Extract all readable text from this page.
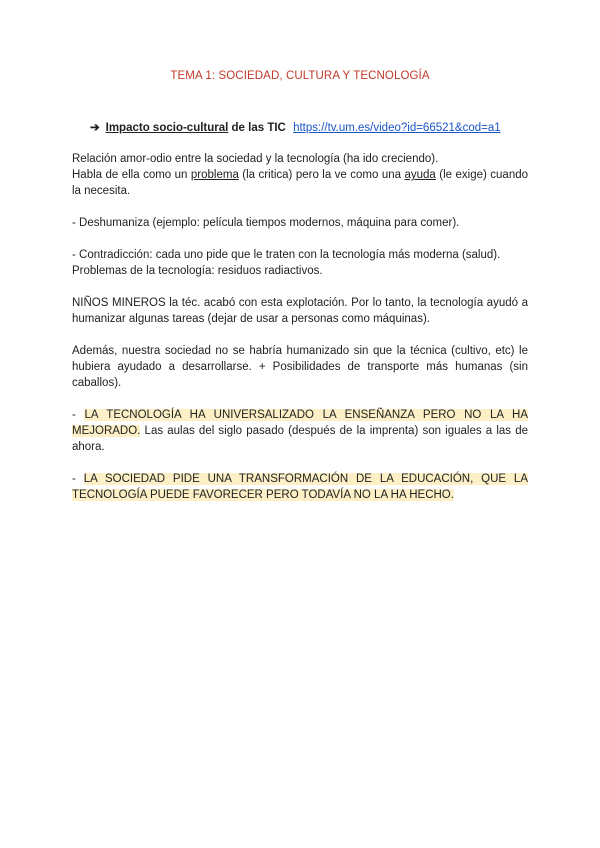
TEMA 1: SOCIEDAD, CULTURA Y TECNOLOGÍA
➔ Impacto socio-cultural de las TIC https://tv.um.es/video?id=66521&cod=a1

Relación amor-odio entre la sociedad y la tecnología (ha ido creciendo).
Habla de ella como un problema (la critica) pero la ve como una ayuda (le exige) cuando la necesita.

- Deshumaniza (ejemplo: película tiempos modernos, máquina para comer).

- Contradicción: cada uno pide que le traten con la tecnología más moderna (salud).
Problemas de la tecnología: residuos radiactivos.

NIÑOS MINEROS la téc. acabó con esta explotación. Por lo tanto, la tecnología ayudó a humanizar algunas tareas (dejar de usar a personas como máquinas).

Además, nuestra sociedad no se habría humanizado sin que la técnica (cultivo, etc) le hubiera ayudado a desarrollarse. + Posibilidades de transporte más humanas (sin caballos).

- LA TECNOLOGÍA HA UNIVERSALIZADO LA ENSEÑANZA PERO NO LA HA MEJORADO. Las aulas del siglo pasado (después de la imprenta) son iguales a las de ahora.

- LA SOCIEDAD PIDE UNA TRANSFORMACIÓN DE LA EDUCACIÓN, QUE LA TECNOLOGÍA PUEDE FAVORECER PERO TODAVÍA NO LA HA HECHO.
